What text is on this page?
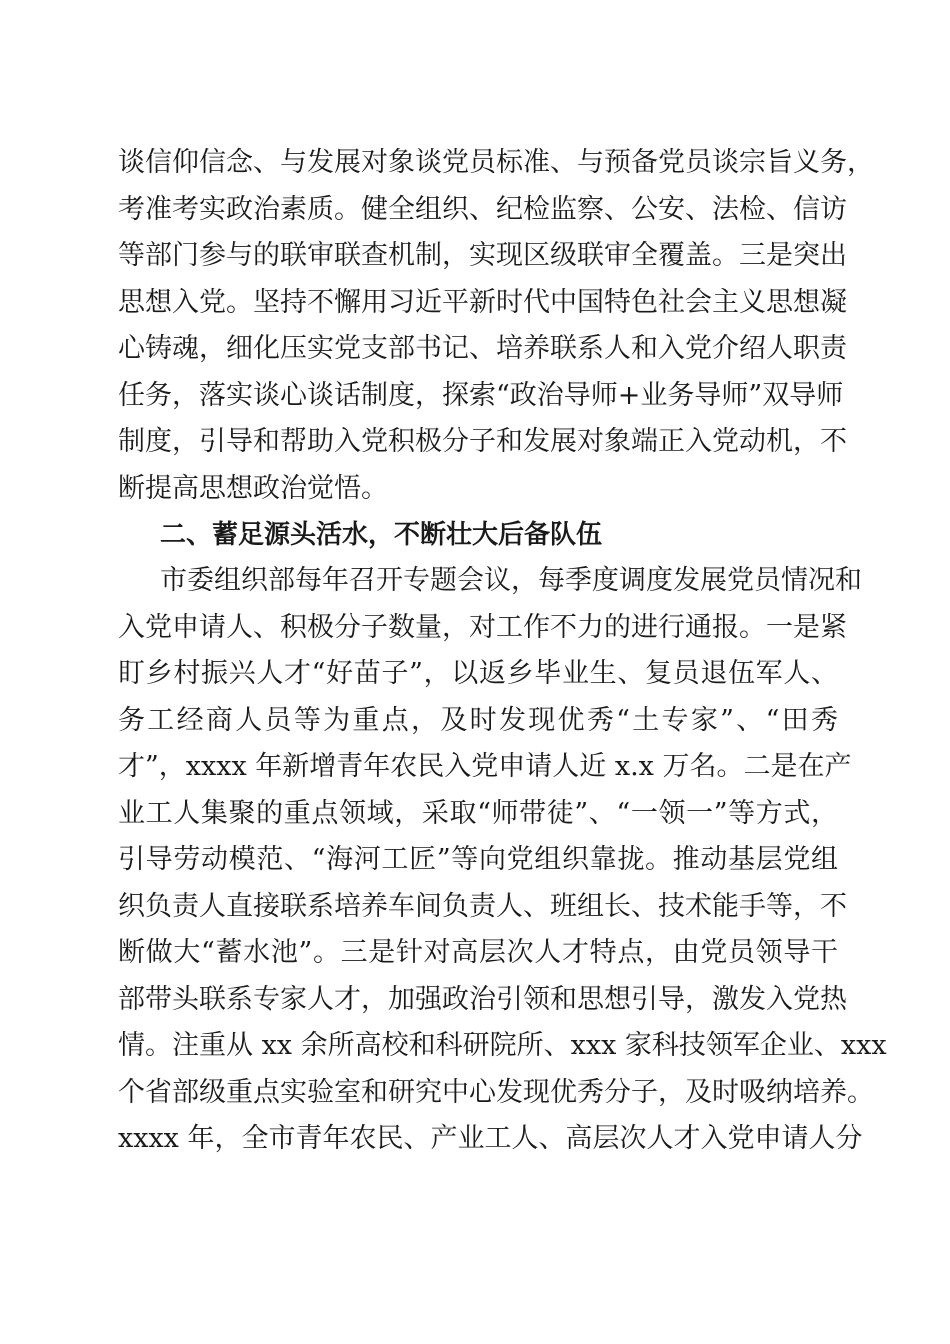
谈信仰信念、与发展对象谈党员标准、与预备党员谈宗旨义务，
考准考实政治素质。健全组织、纪检监察、公安、法检、信访
等部门参与的联审联查机制，实现区级联审全覆盖。三是突出
思想入党。坚持不懈用习近平新时代中国特色社会主义思想凝
心铸魂，细化压实党支部书记、培养联系人和入党介绍人职责
任务，落实谈心谈话制度，探索“政治导师+业务导师”双导师
制度，引导和帮助入党积极分子和发展对象端正入党动机，不
断提高思想政治觉悟。
二、蓄足源头活水，不断壮大后备队伍
市委组织部每年召开专题会议，每季度调度发展党员情况和
入党申请人、积极分子数量，对工作不力的进行通报。一是紧
盯乡村振兴人才“好苗子”，以返乡毕业生、复员退伍军人、
务工经商人员等为重点，及时发现优秀“土专家”、“田秀
才”，xxxx 年新增青年农民入党申请人近 x.x 万名。二是在产
业工人集聚的重点领域，采取“师带徒”、“一领一”等方式，
引导劳动模范、“海河工匠”等向党组织靠拢。推动基层党组
织负责人直接联系培养车间负责人、班组长、技术能手等，不
断做大“蓄水池”。三是针对高层次人才特点，由党员领导干
部带头联系专家人才，加强政治引领和思想引导，激发入党热
情。注重从 xx 余所高校和科研院所、xxx 家科技领军企业、xxx
个省部级重点实验室和研究中心发现优秀分子，及时吸纳培养。
xxxx 年，全市青年农民、产业工人、高层次人才入党申请人分
